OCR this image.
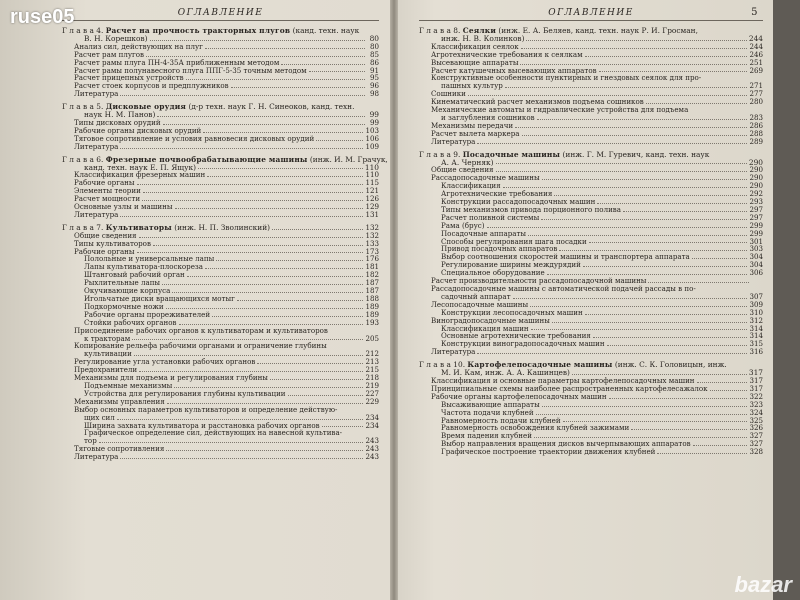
ruse05	ОГЛАВЛЕНИЕ
Г л а в а 4. Расчет на прочность тракторных плугов (канд. техн. наук
В. Н. Корешков)	80
Анализ сил, действующих на плуг	80
Расчет рам плугов	85
Расчет рамы плуга ПН-4-35А приближенным методом	86
Расчет рамы полунавесного плуга ППГ-5-35 точным методом	91
Расчет прицепных устройств	95
Расчет стоек корпусов и предплужников	96
Литература	98
Г л а в а 5. Дисковые орудия (д-р техн. наук Г. Н. Синеоков, канд. техн.
наук Н. М. Панов)	99
Типы дисковых орудий	99
Рабочие органы дисковых орудий	103
Тяговое сопротивление и условия равновесия дисковых орудий	106
Литература	109
Г л а в а 6. Фрезерные почвообрабатывающие машины (инж. И. М. Грачук,
канд. техн. наук Е. П. Ящук)	110
Классификация фрезерных машин	110
Рабочие органы	115
Элементы теории	121
Расчет мощности	126
Основные узлы и машины	129
Литература	131
Г л а в а 7. Культиваторы (инж. Н. П. Зволинский)	132
Общие сведения	132
Типы культиваторов	133
Рабочие органы	173
Полольные и универсальные лапы	176
Лапы культиватора-плоскореза	181
Штанговый рабочий орган	182
Рыхлительные лапы	187
Окучивающие корпуса	187
Игольчатые диски вращающихся мотыг	188
Подкормочные ножи	189
Рабочие органы прореживателей	189
Стойки рабочих органов	193
Присоединение рабочих органов к культиваторам и культиваторов
к тракторам	205
Копирование рельефа рабочими органами и ограничение глубины
культивации	212
Регулирование угла установки рабочих органов	213
Предохранители	215
Механизмы для подъема и регулирования глубины	218
Подъемные механизмы	219
Устройства для регулирования глубины культивации	227
Механизмы управления	229
Выбор основных параметров культиваторов и определение действую-
щих сил	234
Ширина захвата культиватора и расстановка рабочих органов	234
Графическое определение сил, действующих на навесной культива-
тор	243
Тяговые сопротивления	243
Литература	243
ОГЛАВЛЕНИЕ	5
Г л а в а 8. Сеялки (инж. Е. А. Беляев, канд. техн. наук Р. И. Гросман,
инж. Н. В. Колинков)	244
Классификация сеялок	244
Агротехнические требования к сеялкам	246
Высевающие аппараты	251
Расчет катушечных высевающих аппаратов	269
Конструктивные особенности пунктирных и гнездовых сеялок для про-
пашных культур	271
Сошники	277
Кинематический расчет механизмов подъема сошников	280
Механические автоматы и гидравлические устройства для подъема
и заглубления сошников	283
Механизмы передачи	286
Расчет вылета маркера	288
Литература	289
Г л а в а 9. Посадочные машины (инж. Г. М. Гуревич, канд. техн. наук
А. А. Черняк)	290
Общие сведения	290
Рассадопосадочные машины	290
Классификация	290
Агротехнические требования	292
Конструкции рассадопосадочных машин	293
Типы механизмов привода порционного полива	297
Расчет поливной системы	297
Рама (брус)	299
Посадочные аппараты	299
Способы регулирования шага посадки	301
Привод посадочных аппаратов	303
Выбор соотношения скоростей машины и транспортера аппарата	304
Регулирование ширины междурядий	304
Специальное оборудование	306
Расчет производительности рассадопосадочной машины
Рассадопосадочные машины с автоматической подачей рассады в по-
садочный аппарат	307
Лесопосадочные машины	309
Конструкции лесопосадочных машин	310
Виноградопосадочные машины	312
Классификация машин	314
Основные агротехнические требования	314
Конструкции виноградопосадочных машин	315
Литература	316
Г л а в а 10. Картофелепосадочные машины (инж. С. К. Головицын, инж.
М. И. Кам, инж. А. А. Кашинцев)	317
Классификация и основные параметры картофелепосадочных машин	317
Принципиальные схемы наиболее распространенных картофелесажалок	317
Рабочие органы картофелепосадочных машин	322
Высаживающие аппараты	323
Частота подачи клубней	324
Равномерность подачи клубней	325
Равномерность освобождения клубней зажимами	326
Время падения клубней	327
Выбор направления вращения дисков вычерпывающих аппаратов	327
Графическое построение траектории движения клубней	328
bazar
